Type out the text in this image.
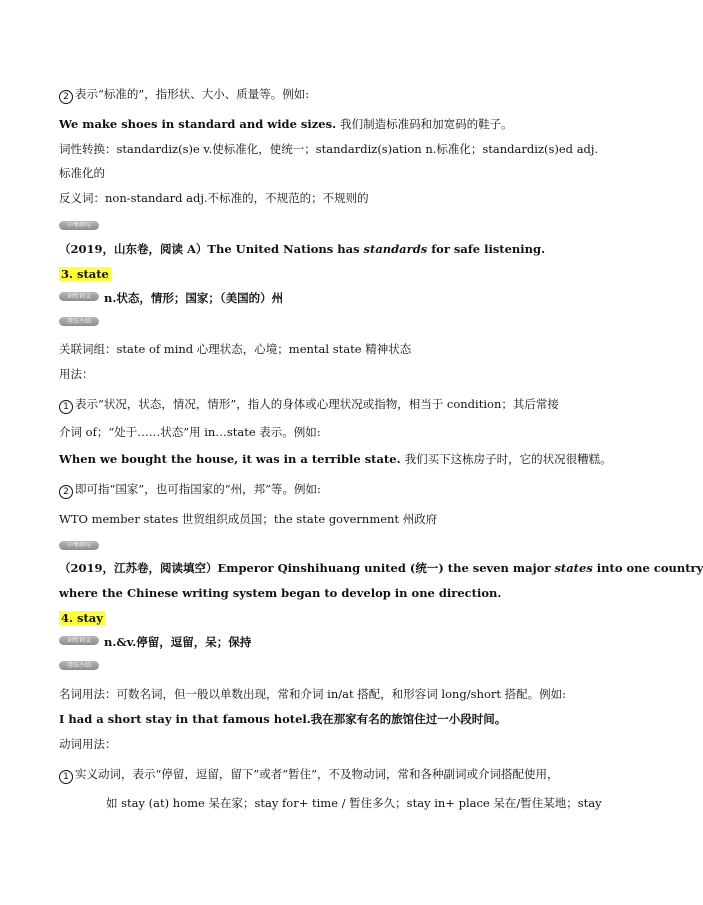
2 表示“标准的”，指形状、大小、质量等。例如:
We make shoes in standard and wide sizes. 我们制造标准码和加宽码的鞋子。
词性转换：standardiz(s)e v.使标准化，使统一；standardiz(s)ation n.标准化；standardiz(s)ed adj.
标准化的
反义词：non-standard adj.不标准的，不规范的；不规则的
中考例句
（2019，山东卷，阅读 A）The United Nations has standards for safe listening.
3. state
词性词义	n.状态，情形；国家；（美国的）州
用法小结
关联词组：state of mind 心理状态，心境；mental state 精神状态
用法：
1 表示“状况，状态，情况，情形”，指人的身体或心理状况或指物，相当于 condition；其后常接
介词 of；“处于……状态”用 in…state 表示。例如:
When we bought the house, it was in a terrible state. 我们买下这栋房子时，它的状况很糟糕。
2 即可指“国家”，也可指国家的“州，邦”等。例如:
WTO member states 世贸组织成员国；the state government 州政府
中考例句
（2019，江苏卷，阅读填空）Emperor Qinshihuang united (统一) the seven major states into one country
where the Chinese writing system began to develop in one direction.
4. stay
词性词义	n.&v.停留，逗留，呆；保持
用法小结
名词用法：可数名词，但一般以单数出现，常和介词 in/at 搭配，和形容词 long/short 搭配。例如:
I had a short stay in that famous hotel.我在那家有名的旅馆住过一小段时间。
动词用法：
1 实义动词，表示“停留，逗留，留下”或者“暂住”，不及物动词，常和各种副词或介词搭配使用，
如 stay (at) home 呆在家；stay for+ time / 暂住多久；stay in+ place 呆在/暂住某地；stay
